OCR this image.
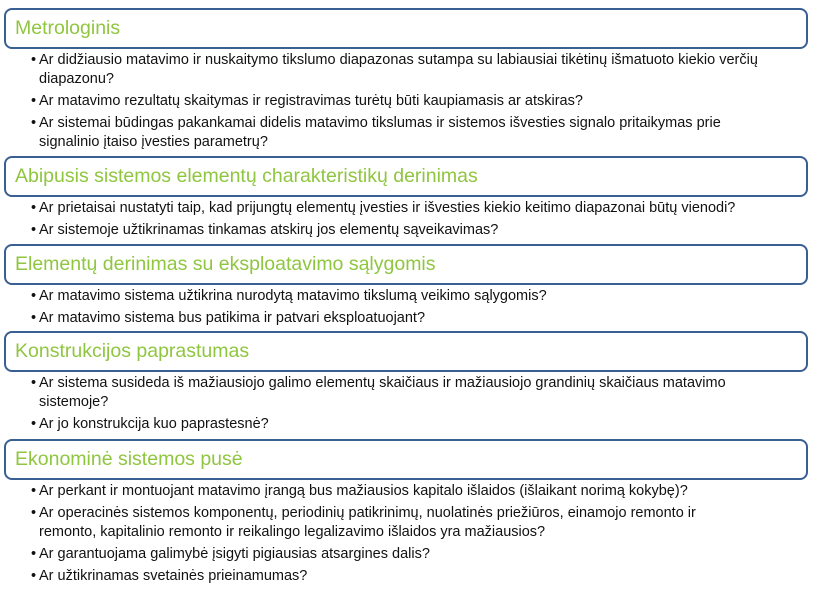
Metrologinis
• Ar didžiausio matavimo ir nuskaitymo tikslumo diapazonas sutampa su labiausiai tikėtinų išmatuoto kiekio verčių diapazonu?
• Ar matavimo rezultatų skaitymas ir registravimas turėtų būti kaupiamasis ar atskiras?
• Ar sistemai būdingas pakankamai didelis matavimo tikslumas ir sistemos išvesties signalo pritaikymas prie signalinio įtaiso įvesties parametrų?
Abipusis sistemos elementų charakteristikų derinimas
• Ar prietaisai nustatyti taip, kad prijungtų elementų įvesties ir išvesties kiekio keitimo diapazonai būtų vienodi?
• Ar sistemoje užtikrinamas tinkamas atskirų jos elementų sąveikavimas?
Elementų derinimas su eksploatavimo sąlygomis
• Ar matavimo sistema užtikrina nurodytą matavimo tikslumą veikimo sąlygomis?
• Ar matavimo sistema bus patikima ir patvari eksploatuojant?
Konstrukcijos paprastumas
• Ar sistema susideda iš mažiausiojo galimo elementų skaičiaus ir mažiausiojo grandinių skaičiaus matavimo sistemoje?
• Ar jo konstrukcija kuo paprastesnė?
Ekonominė sistemos pusė
• Ar perkant ir montuojant matavimo įrangą bus mažiausios kapitalo išlaidos (išlaikant norimą kokybę)?
• Ar operacinės sistemos komponentų, periodinių patikrinimų, nuolatinės priežiūros, einamojo remonto ir remonto, kapitalinio remonto ir reikalingo legalizavimo išlaidos yra mažiausios?
• Ar garantuojama galimybė įsigyti pigiausias atsargines dalis?
• Ar užtikrinamas svetainės prieinamumas?
